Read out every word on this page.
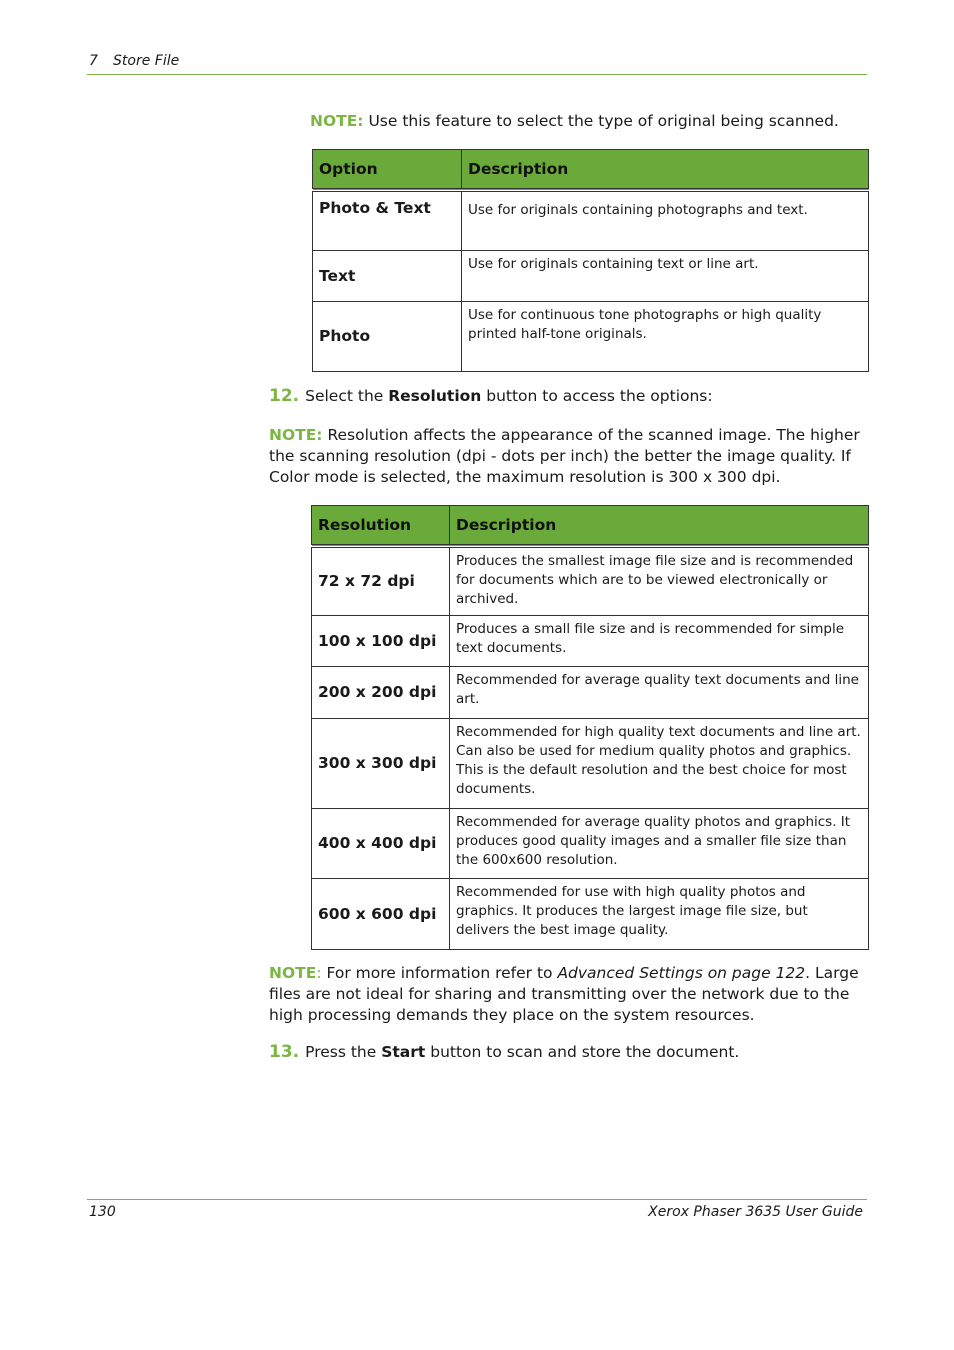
7 Store File
NOTE: Use this feature to select the type of original being scanned.
Option	Description
Photo & Text	Use for originals containing photographs and text.
Text	Use for originals containing text or line art.
Photo	Use for continuous tone photographs or high quality printed half-tone originals.
12. Select the Resolution button to access the options:
NOTE: Resolution affects the appearance of the scanned image. The higher the scanning resolution (dpi - dots per inch) the better the image quality. If Color mode is selected, the maximum resolution is 300 x 300 dpi.
Resolution	Description
72 x 72 dpi	Produces the smallest image file size and is recommended for documents which are to be viewed electronically or archived.
100 x 100 dpi	Produces a small file size and is recommended for simple text documents.
200 x 200 dpi	Recommended for average quality text documents and line art.
300 x 300 dpi	Recommended for high quality text documents and line art. Can also be used for medium quality photos and graphics. This is the default resolution and the best choice for most documents.
400 x 400 dpi	Recommended for average quality photos and graphics. It produces good quality images and a smaller file size than the 600x600 resolution.
600 x 600 dpi	Recommended for use with high quality photos and graphics. It produces the largest image file size, but delivers the best image quality.
NOTE: For more information refer to Advanced Settings on page 122. Large files are not ideal for sharing and transmitting over the network due to the high processing demands they place on the system resources.
13. Press the Start button to scan and store the document.
130	Xerox Phaser 3635 User Guide
